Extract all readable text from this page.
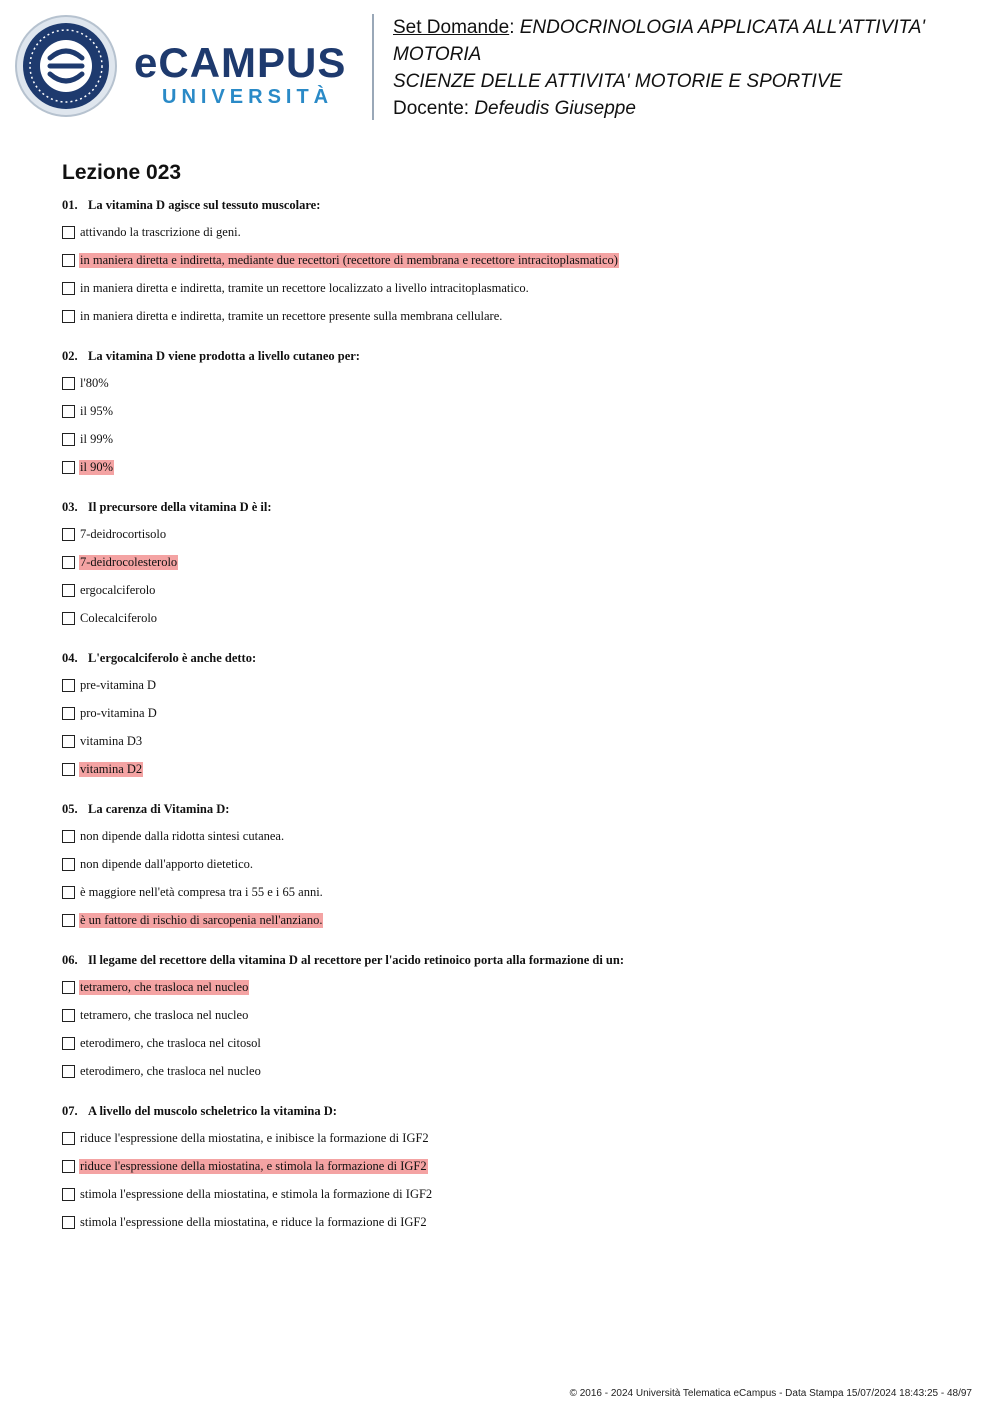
eCAMPUS
UNIVERSITÀ
Set Domande: ENDOCRINOLOGIA APPLICATA ALL'ATTIVITA' MOTORIA
SCIENZE DELLE ATTIVITA' MOTORIE E SPORTIVE
Docente: Defeudis Giuseppe
Lezione 023
01. La vitamina D agisce sul tessuto muscolare:
attivando la trascrizione di geni.
in maniera diretta e indiretta, mediante due recettori (recettore di membrana e recettore intracitoplasmatico)
in maniera diretta e indiretta, tramite un recettore localizzato a livello intracitoplasmatico.
in maniera diretta e indiretta, tramite un recettore presente sulla membrana cellulare.
02. La vitamina D viene prodotta a livello cutaneo per:
l'80%
il 95%
il 99%
il 90%
03. Il precursore della vitamina D è il:
7-deidrocortisolo
7-deidrocolesterolo
ergocalciferolo
Colecalciferolo
04. L'ergocalciferolo è anche detto:
pre-vitamina D
pro-vitamina D
vitamina D3
vitamina D2
05. La carenza di Vitamina D:
non dipende dalla ridotta sintesi cutanea.
non dipende dall'apporto dietetico.
è maggiore nell'età compresa tra i 55 e i 65 anni.
è un fattore di rischio di sarcopenia nell'anziano.
06. Il legame del recettore della vitamina D al recettore per l'acido retinoico porta alla formazione di un:
tetramero, che trasloca nel nucleo
tetramero, che trasloca nel nucleo
eterodimero, che trasloca nel citosol
eterodimero, che trasloca nel nucleo
07. A livello del muscolo scheletrico la vitamina D:
riduce l'espressione della miostatina, e inibisce la formazione di IGF2
riduce l'espressione della miostatina, e stimola la formazione di IGF2
stimola l'espressione della miostatina, e stimola la formazione di IGF2
stimola l'espressione della miostatina, e riduce la formazione di IGF2
© 2016 - 2024 Università Telematica eCampus - Data Stampa 15/07/2024 18:43:25 - 48/97
